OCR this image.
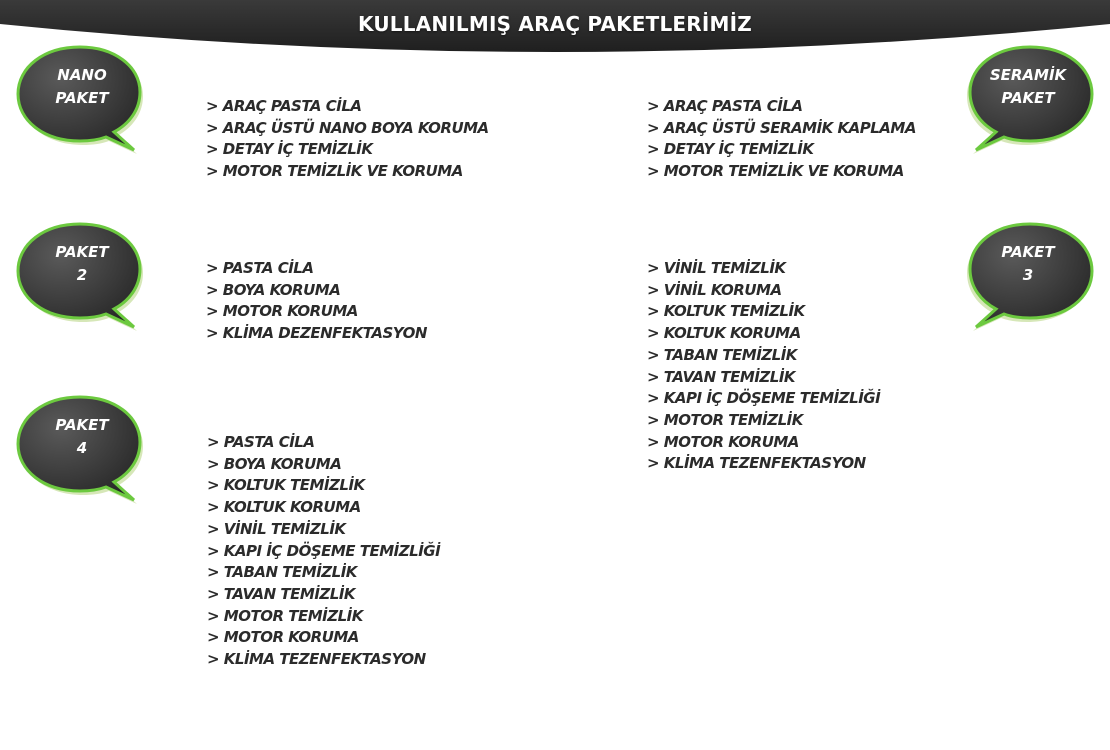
KULLANILMIŞ ARAÇ PAKETLERİMİZ
NANO
PAKET
PAKET
2
PAKET
4
SERAMİK
PAKET
PAKET
3
> ARAÇ PASTA CİLA
> ARAÇ ÜSTÜ NANO BOYA KORUMA
> DETAY İÇ TEMİZLİK
> MOTOR TEMİZLİK VE KORUMA
> ARAÇ PASTA CİLA
> ARAÇ ÜSTÜ SERAMİK KAPLAMA
> DETAY İÇ TEMİZLİK
> MOTOR TEMİZLİK VE KORUMA
> PASTA CİLA
> BOYA KORUMA
> MOTOR KORUMA
> KLİMA DEZENFEKTASYON
> VİNİL TEMİZLİK
> VİNİL KORUMA
> KOLTUK TEMİZLİK
> KOLTUK KORUMA
> TABAN TEMİZLİK
> TAVAN TEMİZLİK
> KAPI İÇ DÖŞEME TEMİZLİĞİ
> MOTOR TEMİZLİK
> MOTOR KORUMA
> KLİMA TEZENFEKTASYON
> PASTA CİLA
> BOYA KORUMA
> KOLTUK TEMİZLİK
> KOLTUK KORUMA
> VİNİL TEMİZLİK
> KAPI İÇ DÖŞEME TEMİZLİĞİ
> TABAN TEMİZLİK
> TAVAN TEMİZLİK
> MOTOR TEMİZLİK
> MOTOR KORUMA
> KLİMA TEZENFEKTASYON
